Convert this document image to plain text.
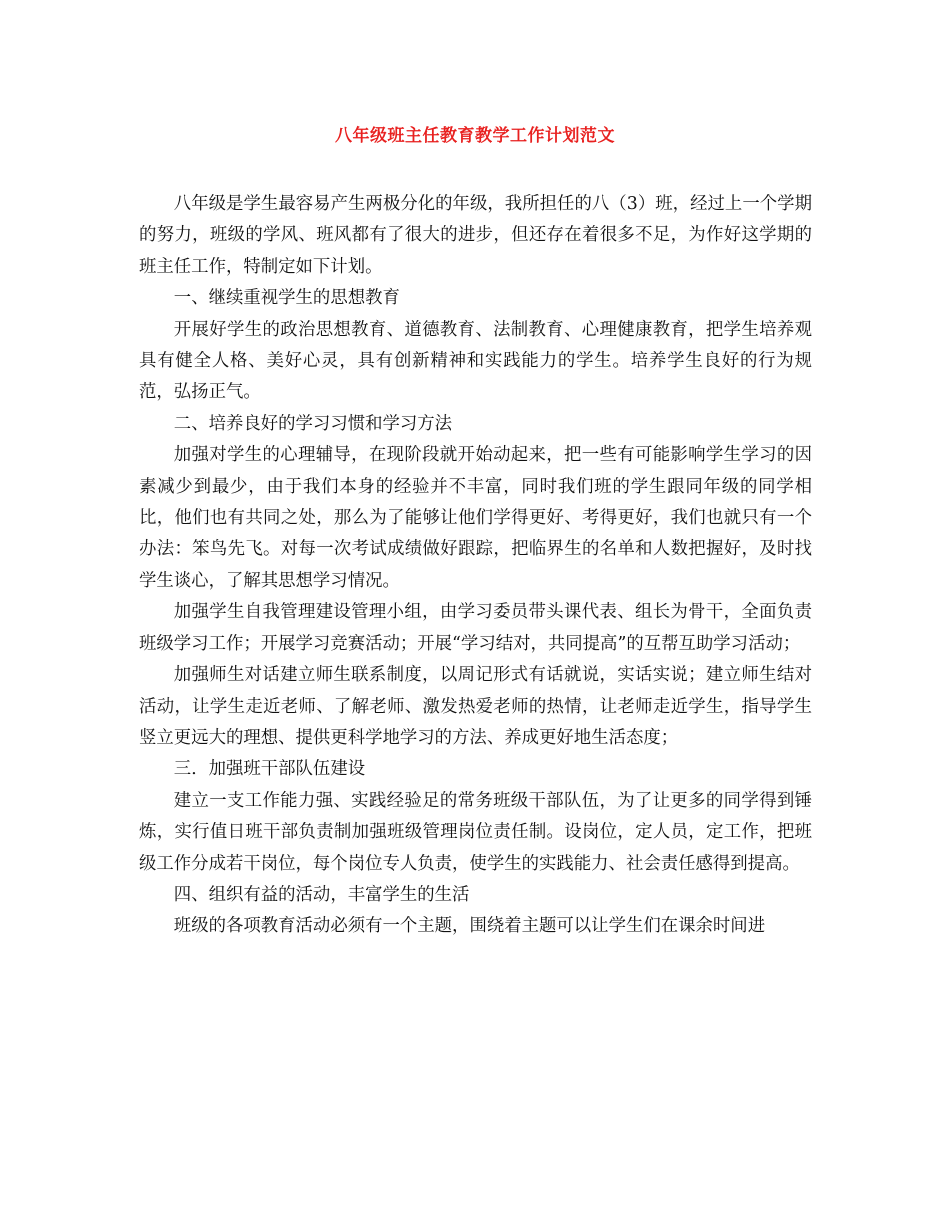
八年级班主任教育教学工作计划范文

八年级是学生最容易产生两极分化的年级，我所担任的八（3）班，经过上一个学期的努力，班级的学风、班风都有了很大的进步，但还存在着很多不足，为作好这学期的班主任工作，特制定如下计划。

一、继续重视学生的思想教育

开展好学生的政治思想教育、道德教育、法制教育、心理健康教育，把学生培养观具有健全人格、美好心灵，具有创新精神和实践能力的学生。培养学生良好的行为规范，弘扬正气。

二、培养良好的学习习惯和学习方法

加强对学生的心理辅导，在现阶段就开始动起来，把一些有可能影响学生学习的因素减少到最少，由于我们本身的经验并不丰富，同时我们班的学生跟同年级的同学相比，他们也有共同之处，那么为了能够让他们学得更好、考得更好，我们也就只有一个办法：笨鸟先飞。对每一次考试成绩做好跟踪，把临界生的名单和人数把握好，及时找学生谈心，了解其思想学习情况。

加强学生自我管理建设管理小组，由学习委员带头课代表、组长为骨干，全面负责班级学习工作；开展学习竞赛活动；开展“学习结对，共同提高”的互帮互助学习活动；

加强师生对话建立师生联系制度，以周记形式有话就说，实话实说；建立师生结对活动，让学生走近老师、了解老师、激发热爱老师的热情，让老师走近学生，指导学生竖立更远大的理想、提供更科学地学习的方法、养成更好地生活态度；

三．加强班干部队伍建设

建立一支工作能力强、实践经验足的常务班级干部队伍，为了让更多的同学得到锤炼，实行值日班干部负责制加强班级管理岗位责任制。设岗位，定人员，定工作，把班级工作分成若干岗位，每个岗位专人负责，使学生的实践能力、社会责任感得到提高。

四、组织有益的活动，丰富学生的生活

班级的各项教育活动必须有一个主题，围绕着主题可以让学生们在课余时间进
